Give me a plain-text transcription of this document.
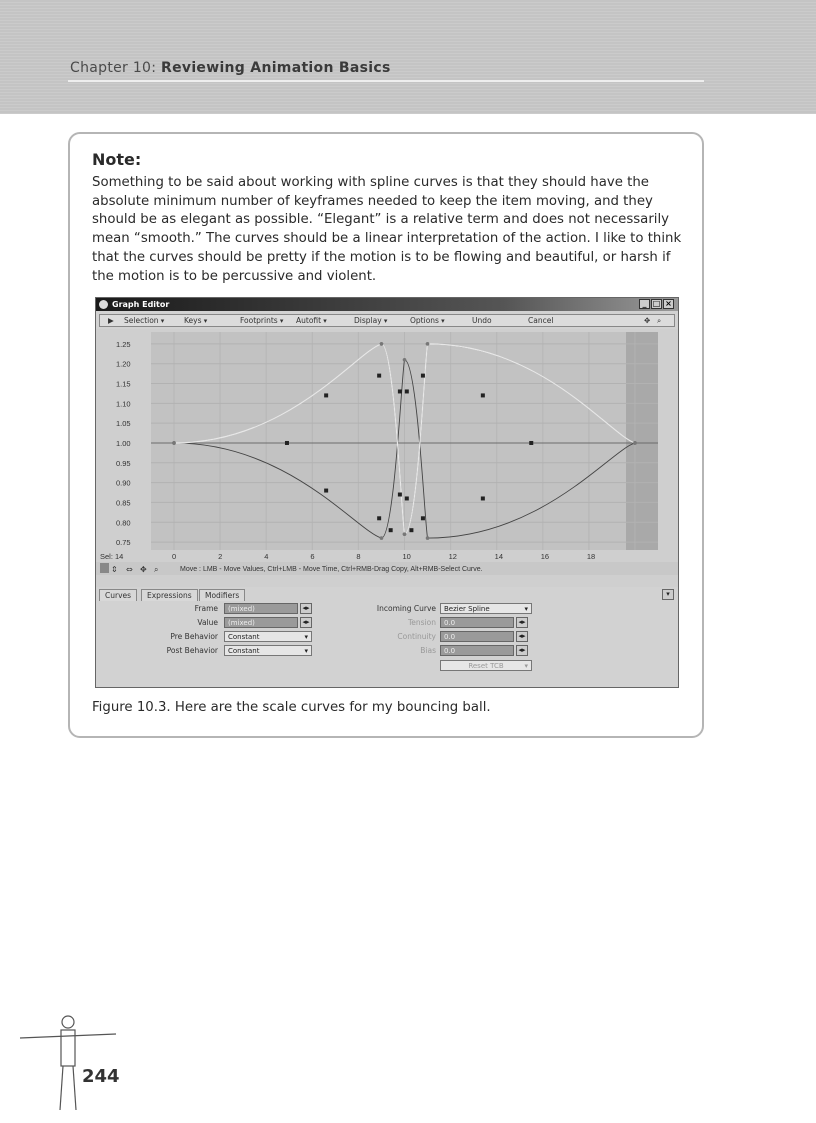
Chapter 10: Reviewing Animation Basics
Note:
Something to be said about working with spline curves is that they should have the absolute minimum number of keyframes needed to keep the item moving, and they should be as elegant as possible. “Elegant” is a relative term and does not necessarily mean “smooth.” The curves should be a linear interpretation of the action. I like to think that the curves should be pretty if the motion is to be flowing and beautiful, or harsh if the motion is to be percussive and violent.
Graph Editor	_ □ ×
▶ Selection ▾	Keys ▾	Footprints ▾	Autofit ▾	Display ▾	Options ▾	Undo	Cancel	✥ ⌕
0	2	4	6	8	10	12	14	16	18
1.25
1.20
1.15
1.10
1.05
1.00
0.95
0.90
0.85
0.80
0.75
Sel: 14
⇕ ⇔ ✥ ⌕	Move : LMB - Move Values, Ctrl+LMB - Move Time, Ctrl+RMB-Drag Copy, Alt+RMB-Select Curve.
Curves	Expressions	Modifiers	▾
Frame	(mixed)	◂▸
Value	(mixed)	◂▸
Pre Behavior	Constant ▾
Post Behavior	Constant ▾
Incoming Curve	Bezier Spline ▾
Tension	0.0	◂▸
Continuity	0.0	◂▸
Bias	0.0	◂▸
Reset TCB ▾
Figure 10.3. Here are the scale curves for my bouncing ball.
244
